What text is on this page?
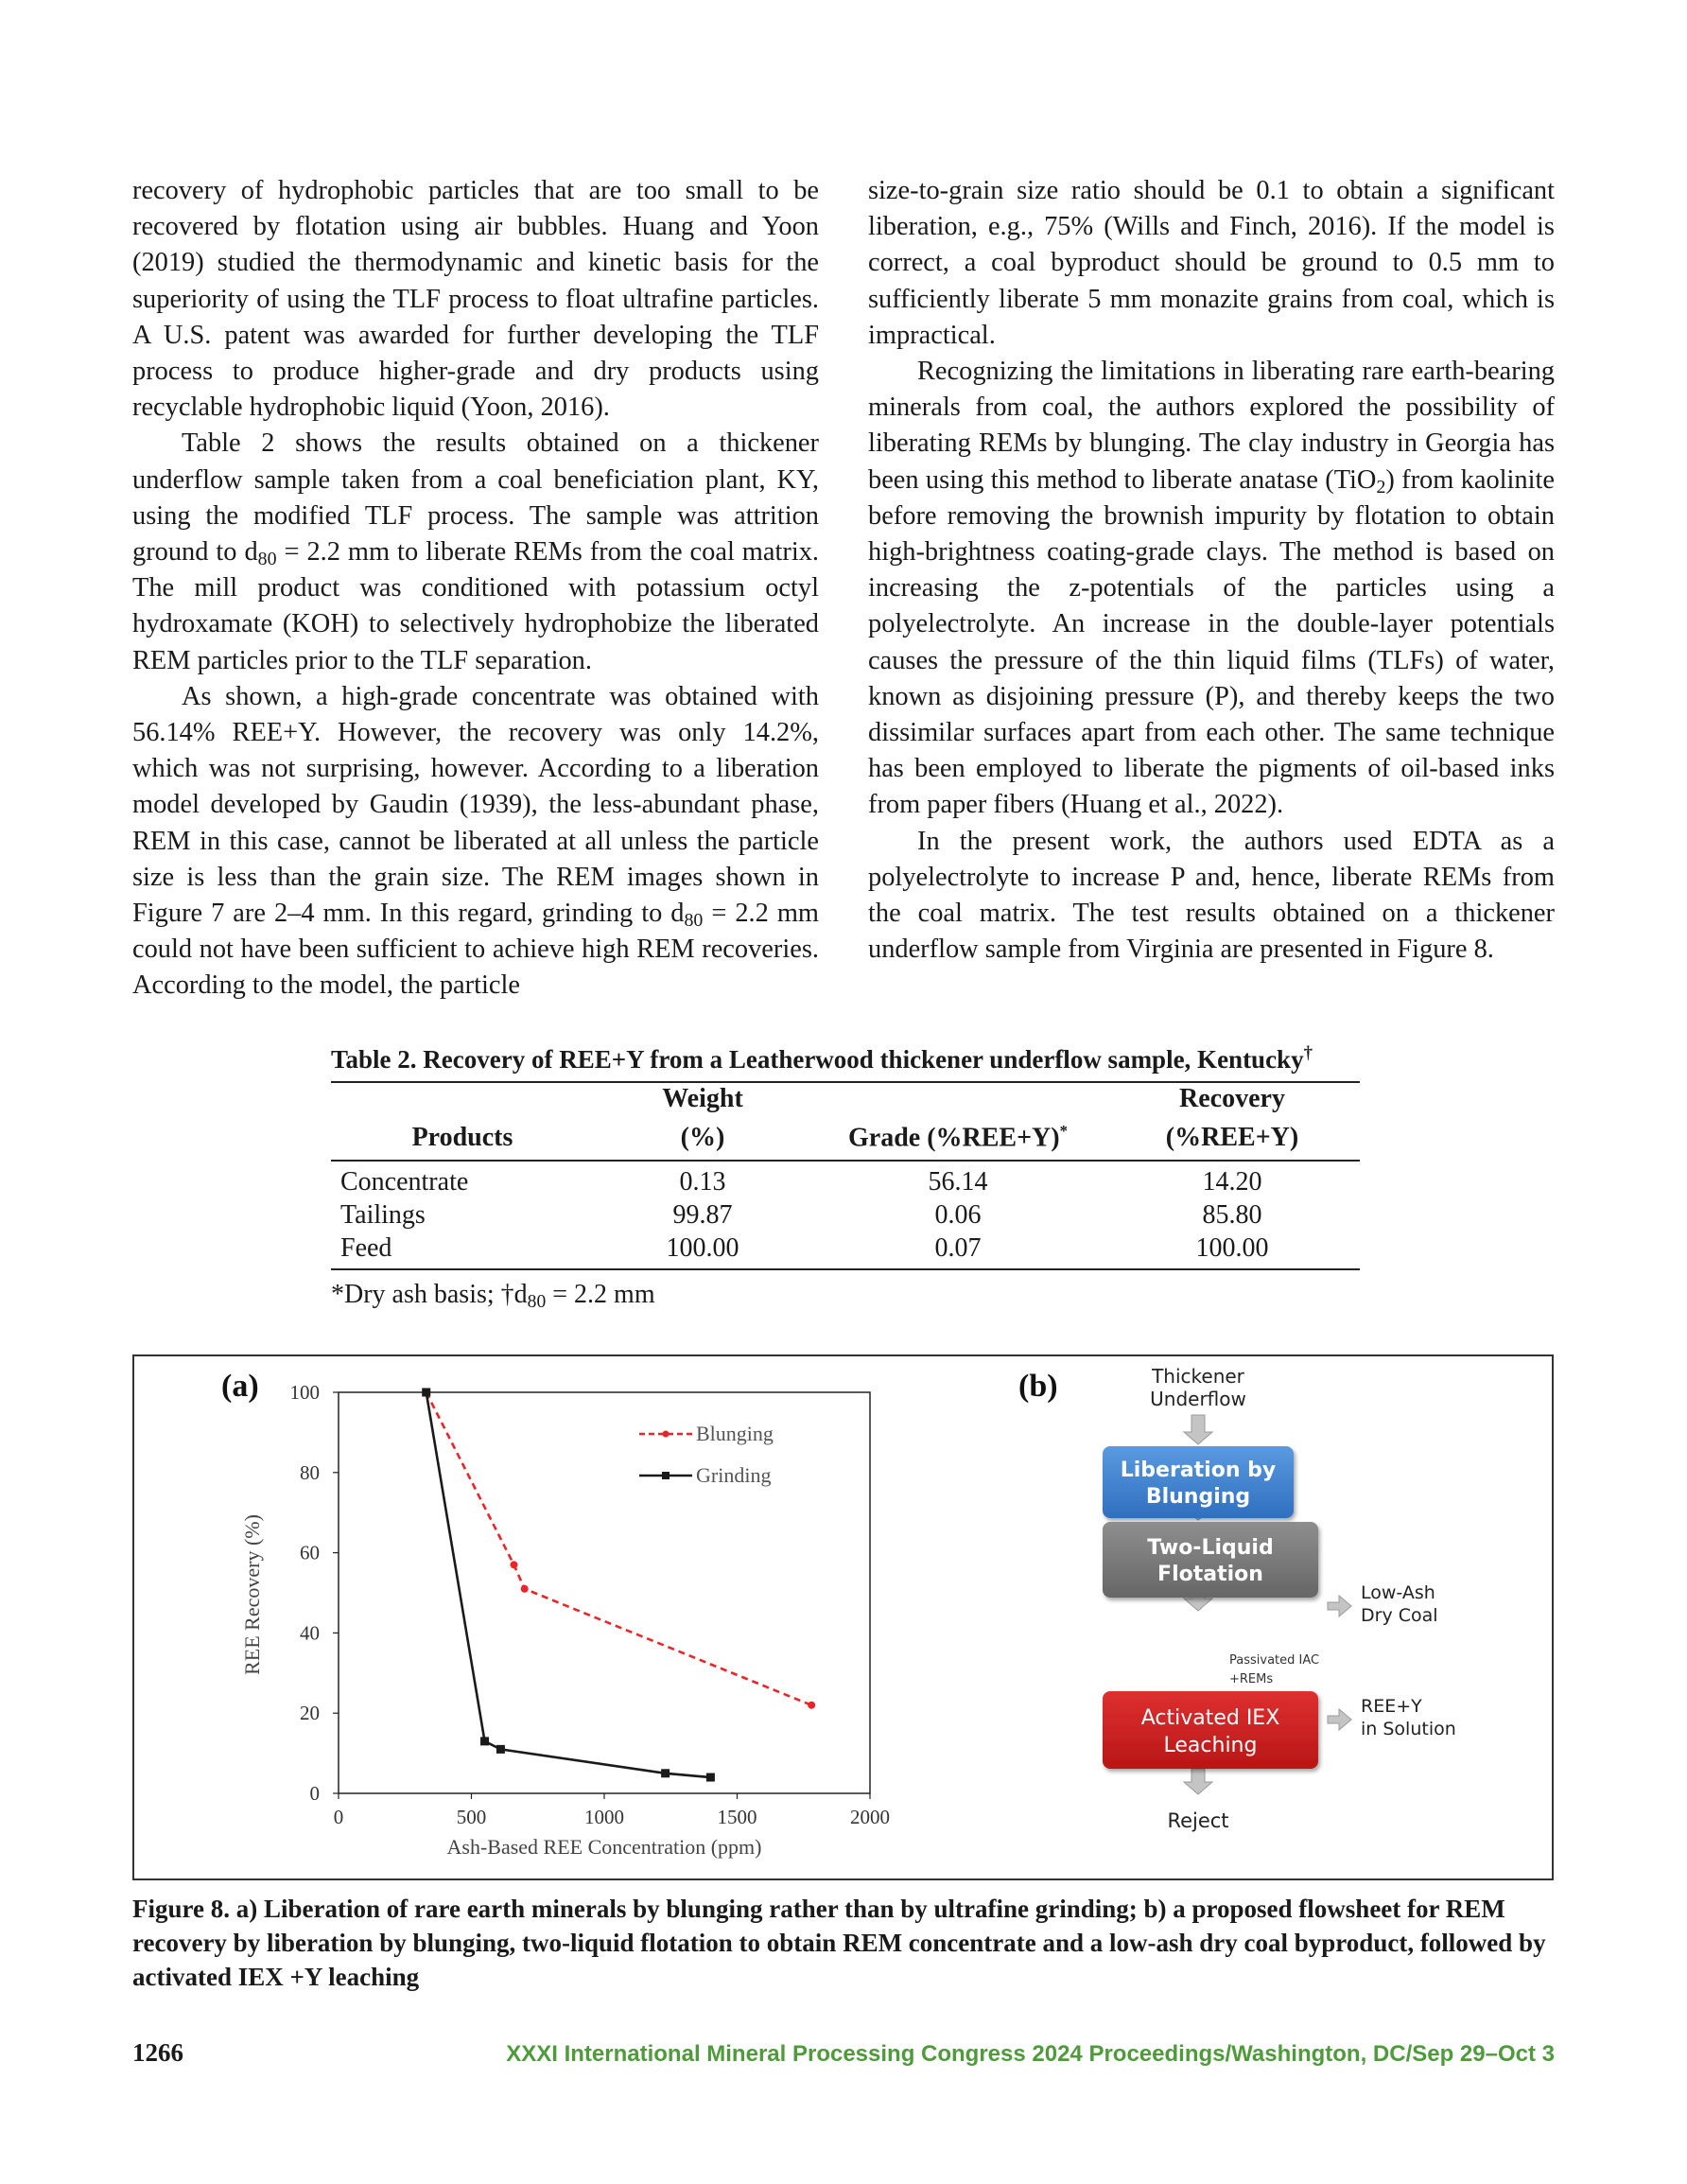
recovery of hydrophobic particles that are too small to be recovered by flotation using air bubbles. Huang and Yoon (2019) studied the thermodynamic and kinetic basis for the superiority of using the TLF process to float ultrafine particles. A U.S. patent was awarded for further developing the TLF process to produce higher-grade and dry products using recyclable hydrophobic liquid (Yoon, 2016).

Table 2 shows the results obtained on a thickener underflow sample taken from a coal beneficiation plant, KY, using the modified TLF process. The sample was attrition ground to $d_{80} = 2.2$ mm to liberate REMs from the coal matrix. The mill product was conditioned with potassium octyl hydroxamate (KOH) to selectively hydrophobize the liberated REM particles prior to the TLF separation.

As shown, a high-grade concentrate was obtained with 56.14% REE+Y. However, the recovery was only 14.2%, which was not surprising, however. According to a liberation model developed by Gaudin (1939), the less-abundant phase, REM in this case, cannot be liberated at all unless the particle size is less than the grain size. The REM images shown in Figure 7 are 2–4 mm. In this regard, grinding to $d_{80} = 2.2$ mm could not have been sufficient to achieve high REM recoveries. According to the model, the particle

size-to-grain size ratio should be 0.1 to obtain a significant liberation, e.g., 75% (Wills and Finch, 2016). If the model is correct, a coal byproduct should be ground to 0.5 mm to sufficiently liberate 5 mm monazite grains from coal, which is impractical.

Recognizing the limitations in liberating rare earth-bearing minerals from coal, the authors explored the possibility of liberating REMs by blunging. The clay industry in Georgia has been using this method to liberate anatase (TiO$_2$) from kaolinite before removing the brownish impurity by flotation to obtain high-brightness coating-grade clays. The method is based on increasing the z-potentials of the particles using a polyelectrolyte. An increase in the double-layer potentials causes the pressure of the thin liquid films (TLFs) of water, known as disjoining pressure (P), and thereby keeps the two dissimilar surfaces apart from each other. The same technique has been employed to liberate the pigments of oil-based inks from paper fibers (Huang et al., 2022).

In the present work, the authors used EDTA as a polyelectrolyte to increase P and, hence, liberate REMs from the coal matrix. The test results obtained on a thickener underflow sample from Virginia are presented in Figure 8.

Table 2. Recovery of REE+Y from a Leatherwood thickener underflow sample, Kentucky†
	Weight		Recovery
Products	(%)	Grade (%REE+Y)*	(%REE+Y)
Concentrate	0.13	56.14	14.20
Tailings	99.87	0.06	85.80
Feed	100.00	0.07	100.00
*Dry ash basis; $\dagger d_{80} = 2.2$ mm
(a)
0
20
40
60
80
100
0	500	1000	1500	2000
Blunging
Grinding
REE Recovery (%)
Ash-Based REE Concentration (ppm)
(b)	Thickener
Underflow
Liberation by
Blunging
Two-Liquid
Flotation
Low-Ash
Dry Coal
Passivated IAC
+REMs
Activated IEX
Leaching
REE+Y
in Solution
Reject
Figure 8. a) Liberation of rare earth minerals by blunging rather than by ultrafine grinding; b) a proposed flowsheet for REM recovery by liberation by blunging, two-liquid flotation to obtain REM concentrate and a low-ash dry coal byproduct, followed by activated IEX +Y leaching
1266	XXXI International Mineral Processing Congress 2024 Proceedings/Washington, DC/Sep 29–Oct 3
